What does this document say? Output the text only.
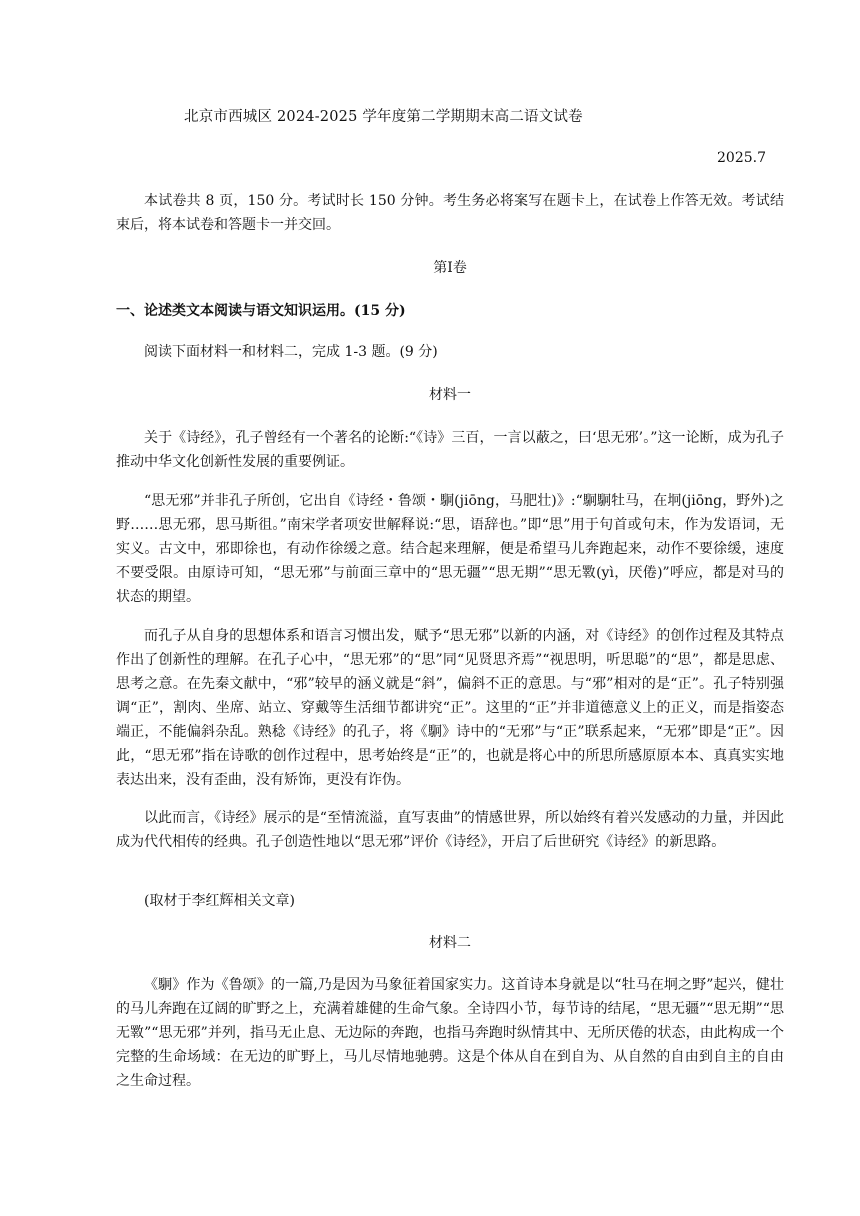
北京市西城区 2024-2025 学年度第二学期期末高二语文试卷
2025.7
本试卷共 8 页，150 分。考试时长 150 分钟。考生务必将案写在题卡上，在试卷上作答无效。考试结束后，将本试卷和答题卡一并交回。
第Ⅰ卷
一、论述类文本阅读与语文知识运用。(15 分)
阅读下面材料一和材料二，完成 1-3 题。(9 分)
材料一
关于《诗经》，孔子曾经有一个著名的论断:“《诗》三百，一言以蔽之，曰‘思无邪’。”这一论断，成为孔子推动中华文化创新性发展的重要例证。
“思无邪”并非孔子所创，它出自《诗经・鲁颂・駉(jiōng，马肥壮)》:“駉駉牡马，在坰(jiōng，野外)之野……思无邪，思马斯徂。”南宋学者项安世解释说:“思，语辞也。”即“思”用于句首或句末，作为发语词，无实义。古文中，邪即徐也，有动作徐缓之意。结合起来理解，便是希望马儿奔跑起来，动作不要徐缓，速度不要受限。由原诗可知，“思无邪”与前面三章中的“思无疆”“思无期”“思无斁(yì，厌倦)”呼应，都是对马的状态的期望。
而孔子从自身的思想体系和语言习惯出发，赋予“思无邪”以新的内涵，对《诗经》的创作过程及其特点作出了创新性的理解。在孔子心中，“思无邪”的“思”同“见贤思齐焉”“视思明，听思聪”的“思”，都是思虑、思考之意。在先秦文献中，“邪”较早的涵义就是“斜”，偏斜不正的意思。与“邪”相对的是“正”。孔子特别强调“正”，割肉、坐席、站立、穿戴等生活细节都讲究“正”。这里的“正”并非道德意义上的正义，而是指姿态端正，不能偏斜杂乱。熟稔《诗经》的孔子，将《駉》诗中的“无邪”与“正”联系起来，“无邪”即是“正”。因此，“思无邪”指在诗歌的创作过程中，思考始终是“正”的，也就是将心中的所思所感原原本本、真真实实地表达出来，没有歪曲，没有矫饰，更没有诈伪。
以此而言，《诗经》展示的是“至情流溢，直写衷曲”的情感世界，所以始终有着兴发感动的力量，并因此成为代代相传的经典。孔子创造性地以“思无邪”评价《诗经》，开启了后世研究《诗经》的新思路。
(取材于李红辉相关文章)
材料二
《駉》作为《鲁颂》的一篇,乃是因为马象征着国家实力。这首诗本身就是以“牡马在坰之野”起兴，健壮的马儿奔跑在辽阔的旷野之上，充满着雄健的生命气象。全诗四小节，每节诗的结尾，“思无疆”“思无期”“思无斁”“思无邪”并列，指马无止息、无边际的奔跑，也指马奔跑时纵情其中、无所厌倦的状态，由此构成一个完整的生命场域：在无边的旷野上，马儿尽情地驰骋。这是个体从自在到自为、从自然的自由到自主的自由之生命过程。
